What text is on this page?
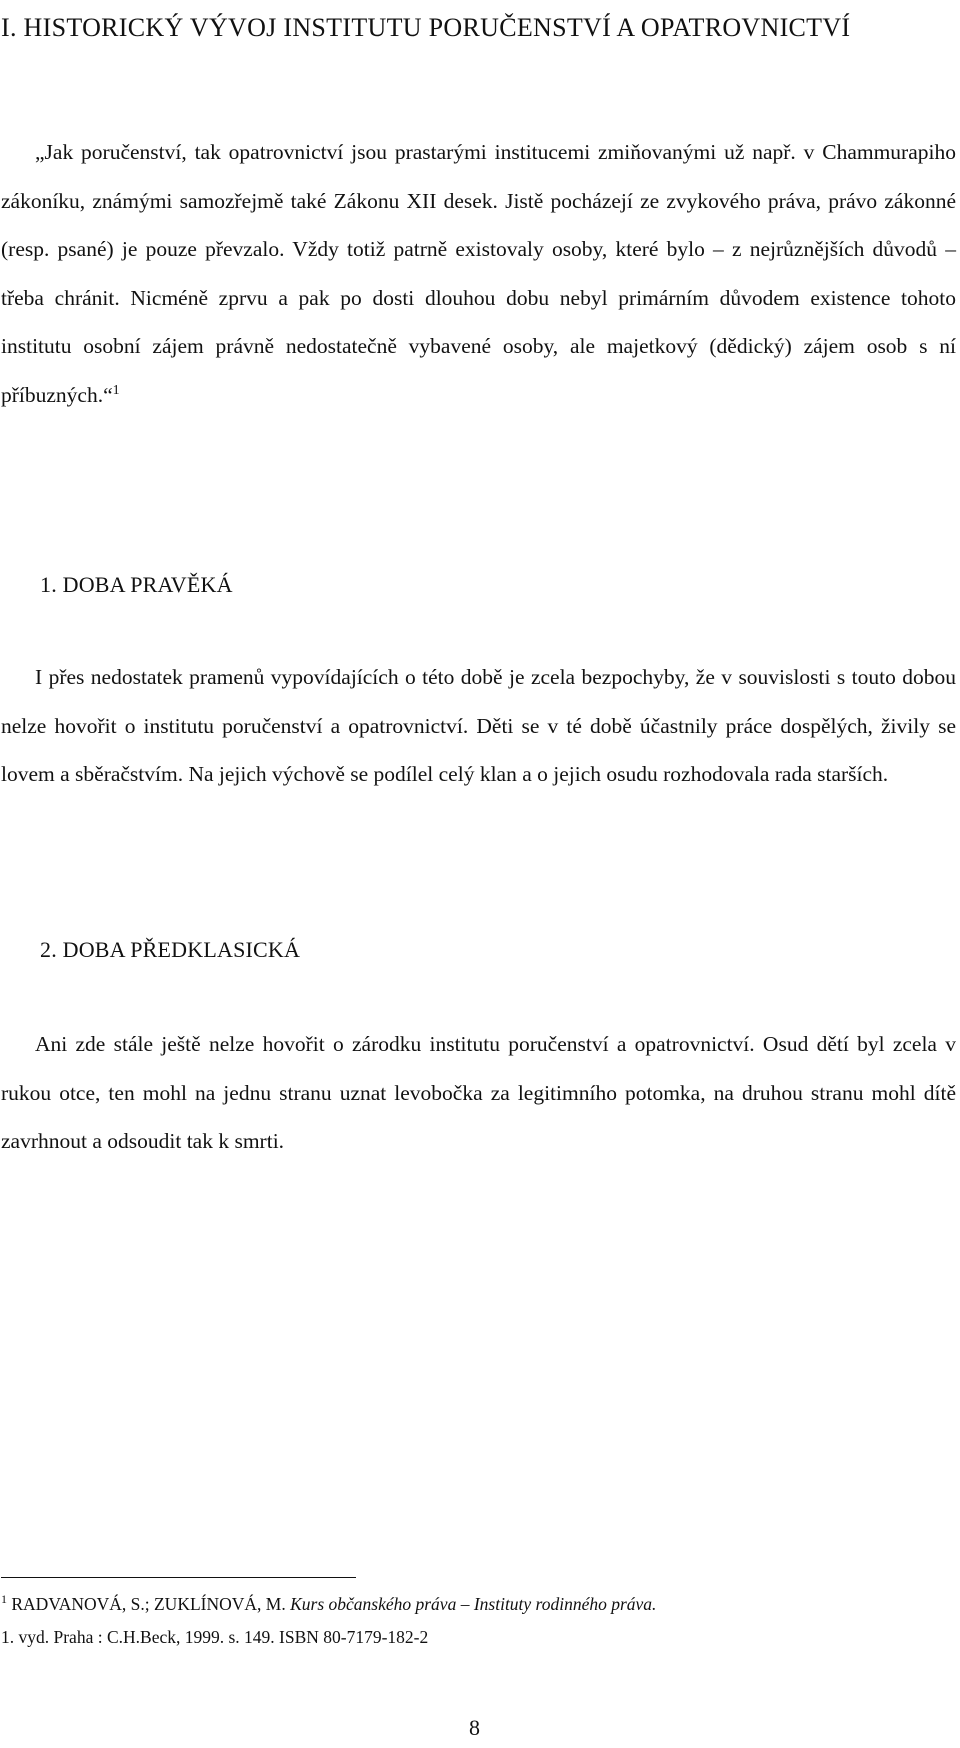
I. HISTORICKÝ VÝVOJ INSTITUTU PORUČENSTVÍ A OPATROVNICTVÍ

„Jak poručenství, tak opatrovnictví jsou prastarými institucemi zmiňovanými už např. v Chammurapiho zákoníku, známými samozřejmě také Zákonu XII desek. Jistě pocházejí ze zvykového práva, právo zákonné (resp. psané) je pouze převzalo. Vždy totiž patrně existovaly osoby, které bylo – z nejrůznějších důvodů – třeba chránit. Nicméně zprvu a pak po dosti dlouhou dobu nebyl primárním důvodem existence tohoto institutu osobní zájem právně nedostatečně vybavené osoby, ale majetkový (dědický) zájem osob s ní příbuzných.“$^1$

1. DOBA PRAVĚKÁ

I přes nedostatek pramenů vypovídajících o této době je zcela bezpochyby, že v souvislosti s touto dobou nelze hovořit o institutu poručenství a opatrovnictví. Děti se v té době účastnily práce dospělých, živily se lovem a sběračstvím. Na jejich výchově se podílel celý klan a o jejich osudu rozhodovala rada starších.

2. DOBA PŘEDKLASICKÁ

Ani zde stále ještě nelze hovořit o zárodku institutu poručenství a opatrovnictví. Osud dětí byl zcela v rukou otce, ten mohl na jednu stranu uznat levobočka za legitimního potomka, na druhou stranu mohl dítě zavrhnout a odsoudit tak k smrti.

$^1$ RADVANOVÁ, S.; ZUKLÍNOVÁ, M. Kurs občanského práva – Instituty rodinného práva.
1. vyd. Praha : C.H.Beck, 1999. s. 149. ISBN 80-7179-182-2

8
